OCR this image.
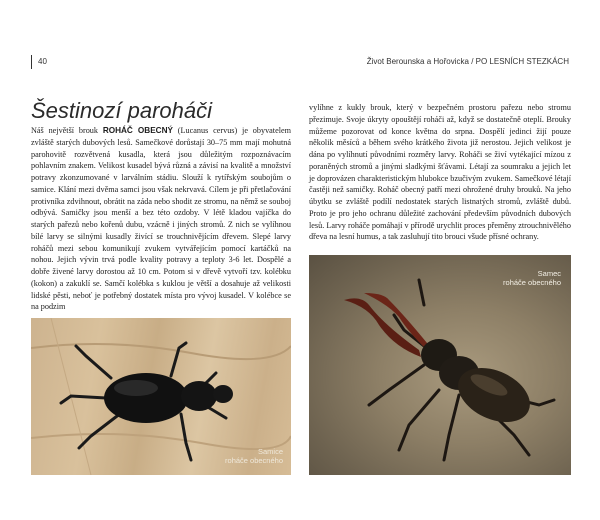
40	Život Berounska a Hořovicka / PO LESNÍCH STEZKÁCH
Šestinozí paroháči
Náš největší brouk ROHÁČ OBECNÝ (Lucanus cervus) je obyvatelem zvláště starých dubových lesů. Samečkové dorůstají 30–75 mm mají mohutná parohovitě rozvětvená kusadla, která jsou důležitým rozpoznávacím pohlavním znakem. Velikost kusadel bývá různá a závisí na kvalitě a množství potravy zkonzumované v larválním stádiu. Slouží k rytířským soubojům o samice. Klání mezi dvěma samci jsou však nekrvavá. Cílem je při přetlačování protivníka zdvihnout, obrátit na záda nebo shodit ze stromu, na němž se souboj odbývá. Samičky jsou menší a bez této ozdoby. V létě kladou vajíčka do starých pařezů nebo kořenů dubu, vzácně i jiných stromů. Z nich se vylíhnou bílé larvy se silnými kusadly živící se trouchnivějícím dřevem. Slepé larvy roháčů mezi sebou komunikují zvukem vytvářejícím pomocí kartáčků na nohou. Jejich vývin trvá podle kvality potravy a teploty 3-6 let. Dospělé a dobře živené larvy dorostou až 10 cm. Potom si v dřevě vytvoří tzv. kolébku (kokon) a zakuklí se. Samčí kolébka s kuklou je větší a dosahuje až velikosti lidské pěsti, neboť je potřebný dostatek místa pro vývoj kusadel. V kolébce se na podzim
vylíhne z kukly brouk, který v bezpečném prostoru pařezu nebo stromu přezimuje. Svoje úkryty opouštějí roháči až, když se dostatečně oteplí. Brouky můžeme pozorovat od konce května do srpna. Dospělí jedinci žijí pouze několik měsíců a během svého krátkého života již nerostou. Jejich velikost je dána po vylíhnutí původními rozměry larvy. Roháči se živí vytékající mízou z poraněných stromů a jinými sladkými šťávami. Létají za soumraku a jejich let je doprovázen charakteristickým hlubokce bzučivým zvukem. Samečkové létají častěji než samičky. Roháč obecný patří mezi ohrožené druhy brouků. Na jeho úbytku se zvláště podílí nedostatek starých listnatých stromů, zvláště dubů. Proto je pro jeho ochranu důležité zachování především původních dubových lesů. Larvy roháče pomáhají v přírodě urychlit proces přeměny ztrouchnivělého dřeva na lesní humus, a tak zasluhují tito brouci všude přísné ochrany.
Samice
roháče obecného
Samec
roháče obecného
